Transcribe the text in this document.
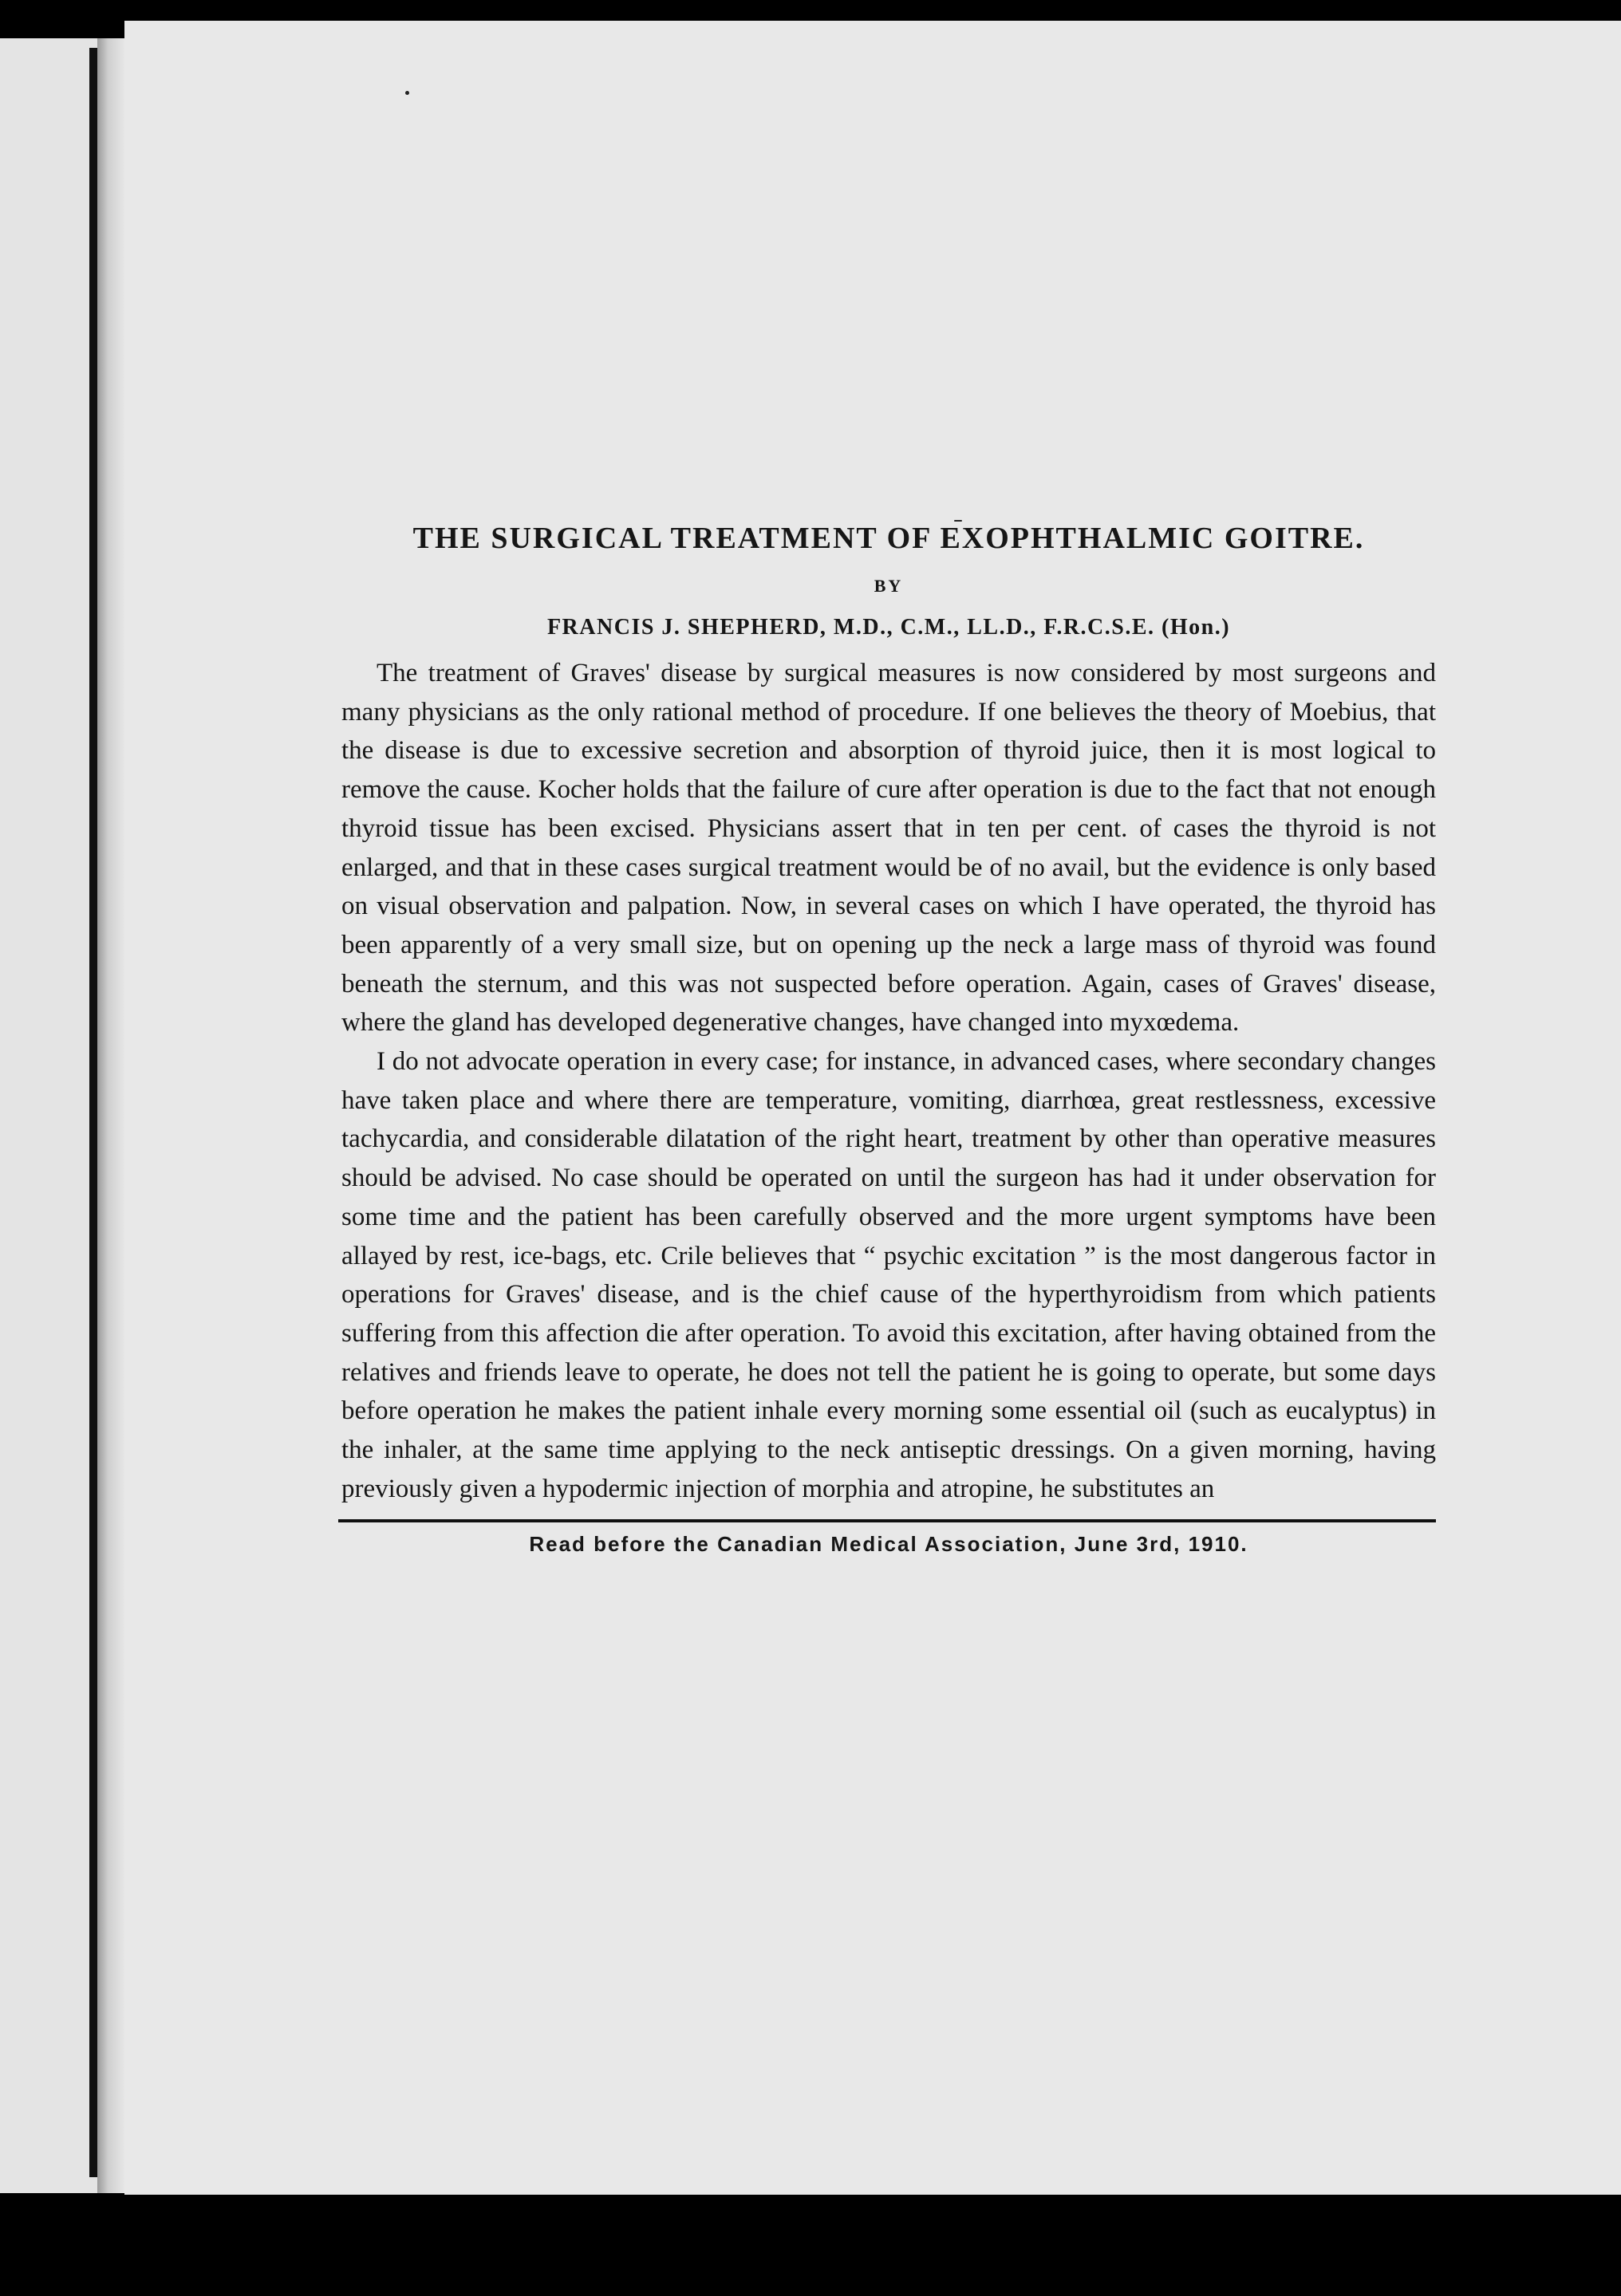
THE SURGICAL TREATMENT OF EXOPHTHALMIC GOITRE.
BY
FRANCIS J. SHEPHERD, M.D., C.M., LL.D., F.R.C.S.E. (Hon.)

The treatment of Graves' disease by surgical measures is now considered by most surgeons and many physicians as the only rational method of procedure. If one believes the theory of Moebius, that the disease is due to excessive secretion and absorption of thyroid juice, then it is most logical to remove the cause. Kocher holds that the failure of cure after operation is due to the fact that not enough thyroid tissue has been excised. Physicians assert that in ten per cent. of cases the thyroid is not enlarged, and that in these cases surgical treatment would be of no avail, but the evidence is only based on visual observation and palpation. Now, in several cases on which I have operated, the thyroid has been apparently of a very small size, but on opening up the neck a large mass of thyroid was found beneath the sternum, and this was not suspected before operation. Again, cases of Graves' disease, where the gland has developed degenerative changes, have changed into myxœdema.

I do not advocate operation in every case; for instance, in advanced cases, where secondary changes have taken place and where there are temperature, vomiting, diarrhœa, great restlessness, excessive tachycardia, and considerable dilatation of the right heart, treatment by other than operative measures should be advised. No case should be operated on until the surgeon has had it under observation for some time and the patient has been carefully observed and the more urgent symptoms have been allayed by rest, ice-bags, etc. Crile believes that “ psychic excitation ” is the most dangerous factor in operations for Graves' disease, and is the chief cause of the hyperthyroidism from which patients suffering from this affection die after operation. To avoid this excitation, after having obtained from the relatives and friends leave to operate, he does not tell the patient he is going to operate, but some days before operation he makes the patient inhale every morning some essential oil (such as eucalyptus) in the inhaler, at the same time applying to the neck antiseptic dressings. On a given morning, having previously given a hypodermic injection of morphia and atropine, he substitutes an

Read before the Canadian Medical Association, June 3rd, 1910.
